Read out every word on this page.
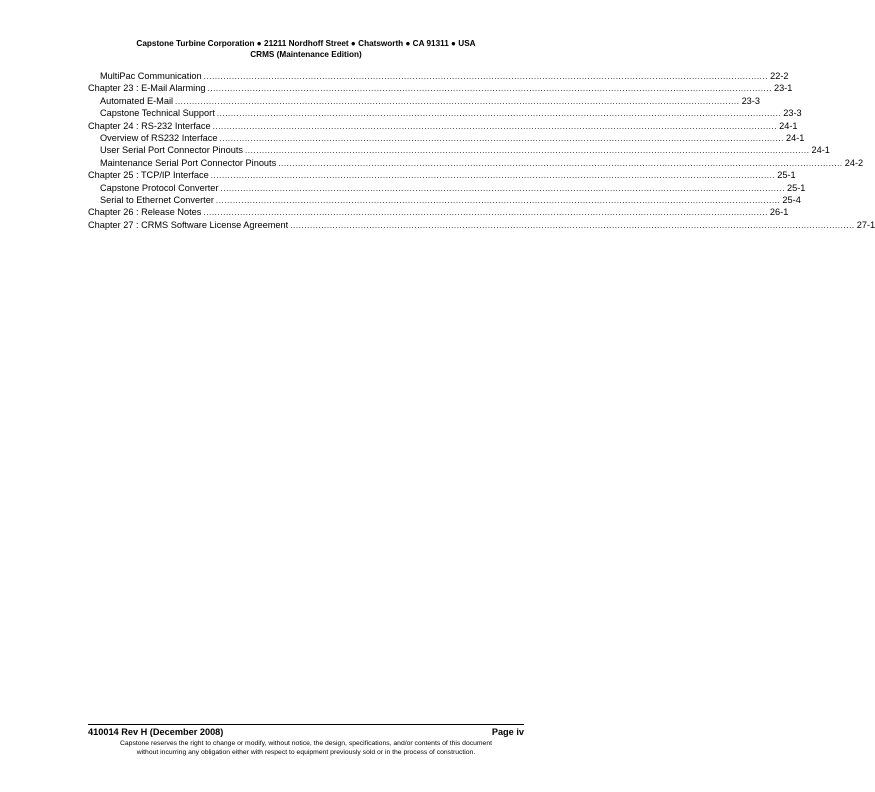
Capstone Turbine Corporation ● 21211 Nordhoff Street ● Chatsworth ● CA 91311 ● USA
CRMS (Maintenance Edition)
MultiPac Communication ........................................................................................................................................................................................................ 22-2
Chapter 23 : E-Mail Alarming ........................................................................................................................................................................................................ 23-1
Automated E-Mail ........................................................................................................................................................................................................ 23-3
Capstone Technical Support ........................................................................................................................................................................................................ 23-3
Chapter 24 : RS-232 Interface ........................................................................................................................................................................................................ 24-1
Overview of RS232 Interface ........................................................................................................................................................................................................ 24-1
User Serial Port Connector Pinouts ........................................................................................................................................................................................................ 24-1
Maintenance Serial Port Connector Pinouts ........................................................................................................................................................................................................ 24-2
Chapter 25 : TCP/IP Interface ........................................................................................................................................................................................................ 25-1
Capstone Protocol Converter ........................................................................................................................................................................................................ 25-1
Serial to Ethernet Converter ........................................................................................................................................................................................................ 25-4
Chapter 26 : Release Notes ........................................................................................................................................................................................................ 26-1
Chapter 27 : CRMS Software License Agreement ........................................................................................................................................................................................................ 27-1
410014 Rev H (December 2008)	Page iv
Capstone reserves the right to change or modify, without notice, the design, specifications, and/or contents of this document
without incurring any obligation either with respect to equipment previously sold or in the process of construction.
